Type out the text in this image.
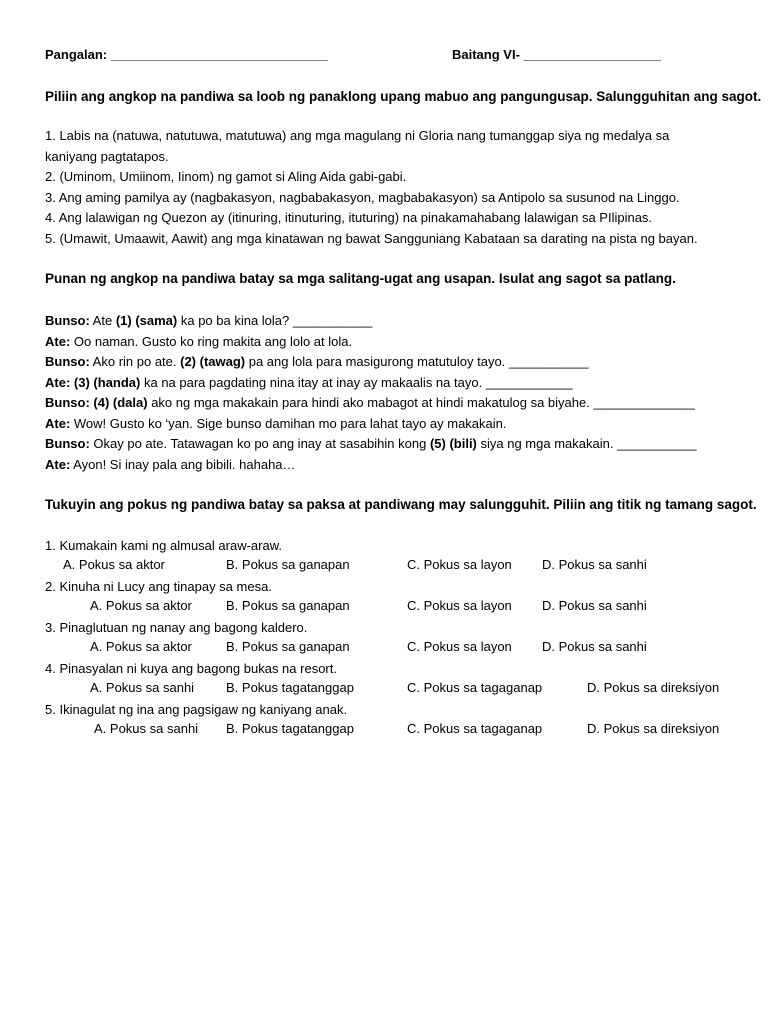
Pangalan: ______________________________	Baitang VI- ___________________
Piliin ang angkop na pandiwa sa loob ng panaklong upang mabuo ang pangungusap. Salungguhitan ang sagot.
1. Labis na (natuwa, natutuwa, matutuwa) ang mga magulang ni Gloria nang tumanggap siya ng medalya sa kaniyang pagtatapos.
2. (Uminom, Umiinom, Iinom) ng gamot si Aling Aida gabi-gabi.
3. Ang aming pamilya ay (nagbakasyon, nagbabakasyon, magbabakasyon) sa Antipolo sa susunod na Linggo.
4. Ang lalawigan ng Quezon ay (itinuring, itinuturing, ituturing) na pinakamahabang lalawigan sa PIlipinas.
5. (Umawit, Umaawit, Aawit) ang mga kinatawan ng bawat Sangguniang Kabataan sa darating na pista ng bayan.
Punan ng angkop na pandiwa batay sa mga salitang-ugat ang usapan. Isulat ang sagot sa patlang.
Bunso: Ate (1) (sama) ka po ba kina lola? ___________
Ate: Oo naman. Gusto ko ring makita ang lolo at lola.
Bunso: Ako rin po ate. (2) (tawag) pa ang lola para masigurong matutuloy tayo. ___________
Ate: (3) (handa) ka na para pagdating nina itay at inay ay makaalis na tayo. ____________
Bunso: (4) (dala) ako ng mga makakain para hindi ako mabagot at hindi makatulog sa biyahe. ______________
Ate: Wow! Gusto ko ‘yan. Sige bunso damihan mo para lahat tayo ay makakain.
Bunso: Okay po ate. Tatawagan ko po ang inay at sasabihin kong (5) (bili) siya ng mga makakain. ___________
Ate: Ayon! Si inay pala ang bibili. hahaha…
Tukuyin ang pokus ng pandiwa batay sa paksa at pandiwang may salungguhit. Piliin ang titik ng tamang sagot.
1. Kumakain kami ng almusal araw-araw.
A. Pokus sa aktor	B. Pokus sa ganapan	C. Pokus sa layon D. Pokus sa sanhi
2. Kinuha ni Lucy ang tinapay sa mesa.
A. Pokus sa aktor	B. Pokus sa ganapan	C. Pokus sa layon D. Pokus sa sanhi
3. Pinaglutuan ng nanay ang bagong kaldero.
A. Pokus sa aktor	B. Pokus sa ganapan	C. Pokus sa layon D. Pokus sa sanhi
4. Pinasyalan ni kuya ang bagong bukas na resort.
A. Pokus sa sanhi B. Pokus tagatanggap	C. Pokus sa tagaganap	D. Pokus sa direksiyon
5. Ikinagulat ng ina ang pagsigaw ng kaniyang anak.
A. Pokus sa sanhi B. Pokus tagatanggap	C. Pokus sa tagaganap	D. Pokus sa direksiyon
